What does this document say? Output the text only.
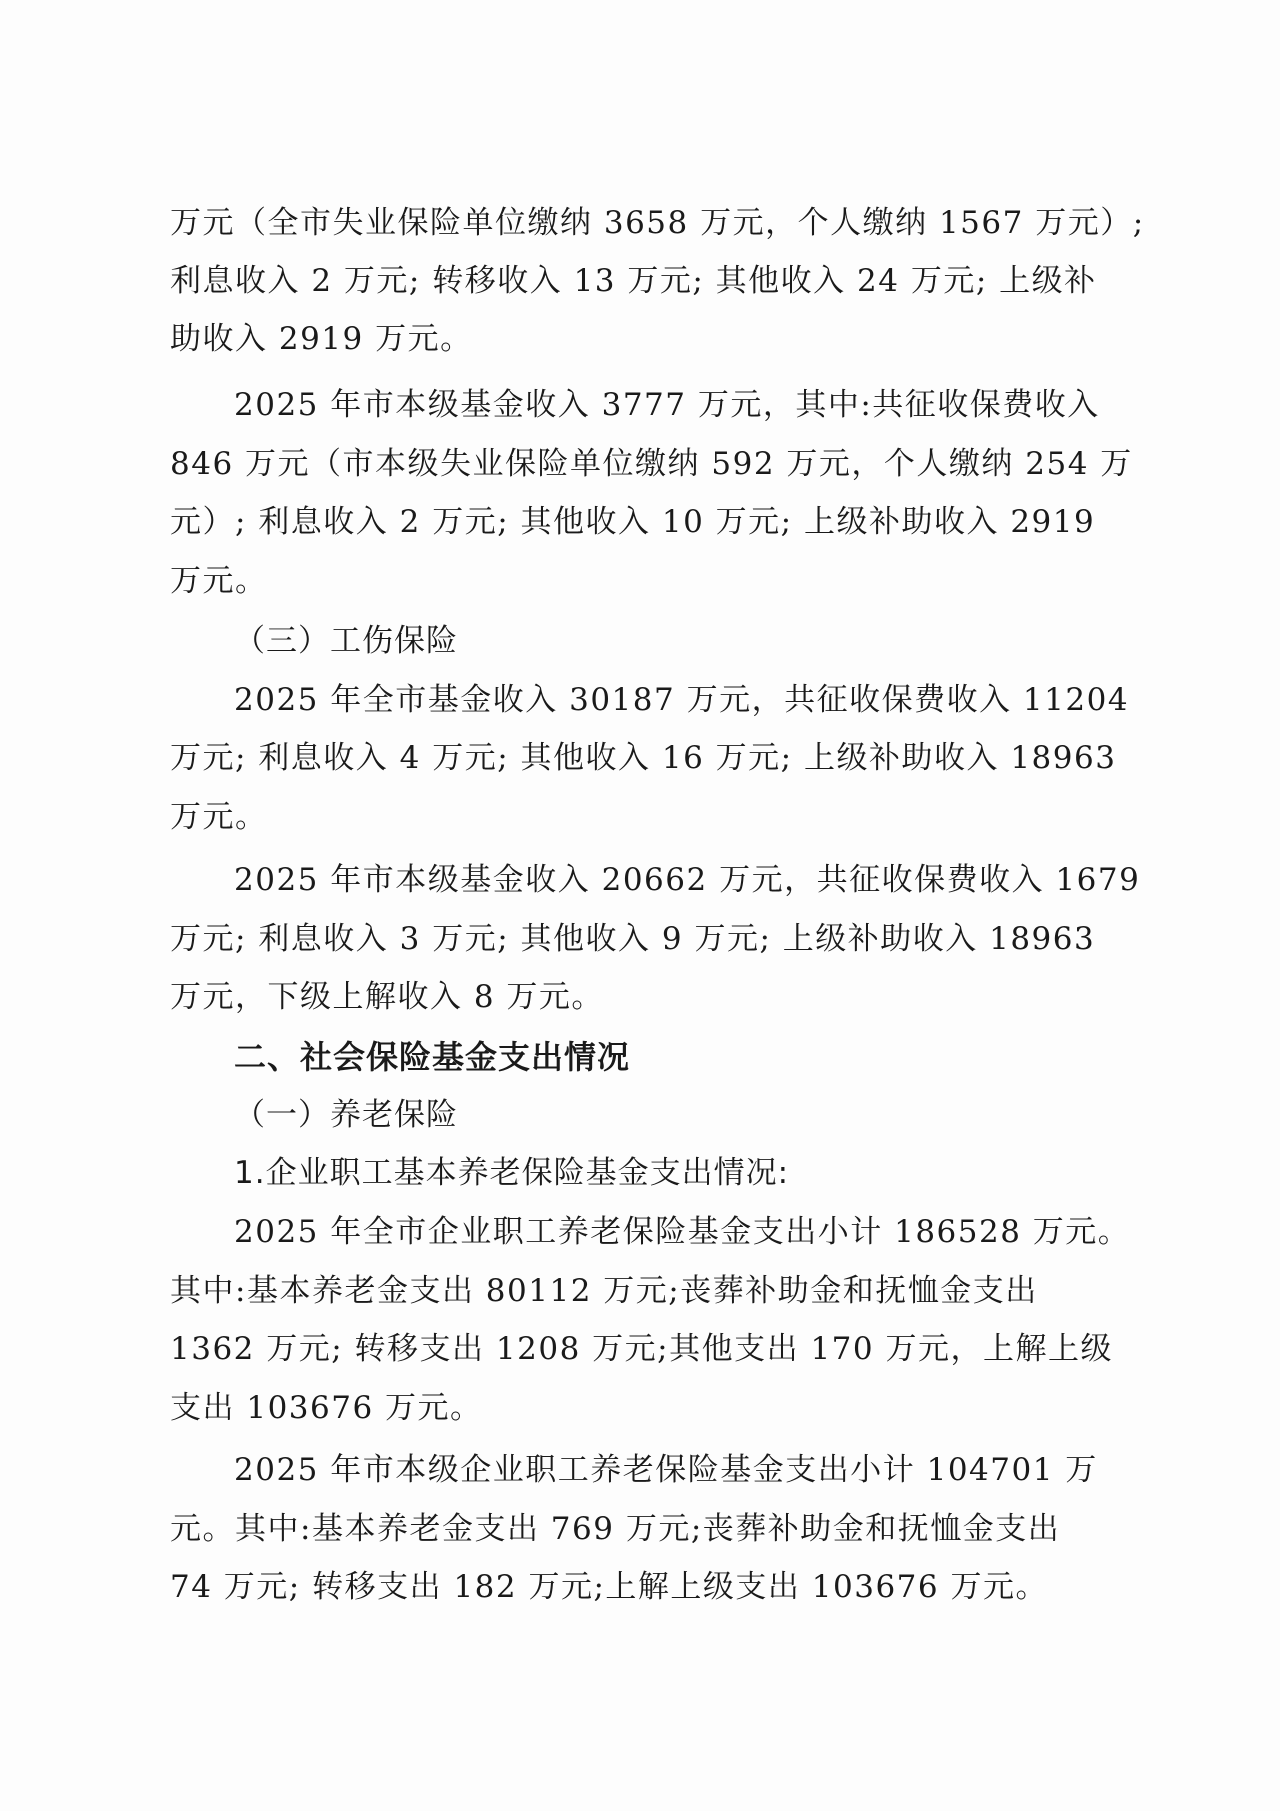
万元（全市失业保险单位缴纳 3658 万元，个人缴纳 1567 万元）;
利息收入 2 万元; 转移收入 13 万元; 其他收入 24 万元; 上级补
助收入 2919 万元。
2025 年市本级基金收入 3777 万元，其中:共征收保费收入
846 万元（市本级失业保险单位缴纳 592 万元，个人缴纳 254 万
元）; 利息收入 2 万元; 其他收入 10 万元; 上级补助收入 2919
万元。
（三）工伤保险
2025 年全市基金收入 30187 万元，共征收保费收入 11204
万元; 利息收入 4 万元; 其他收入 16 万元; 上级补助收入 18963
万元。
2025 年市本级基金收入 20662 万元，共征收保费收入 1679
万元; 利息收入 3 万元; 其他收入 9 万元; 上级补助收入 18963
万元，下级上解收入 8 万元。
二、社会保险基金支出情况
（一）养老保险
1.企业职工基本养老保险基金支出情况:
2025 年全市企业职工养老保险基金支出小计 186528 万元。
其中:基本养老金支出 80112 万元;丧葬补助金和抚恤金支出
1362 万元; 转移支出 1208 万元;其他支出 170 万元，上解上级
支出 103676 万元。
2025 年市本级企业职工养老保险基金支出小计 104701 万
元。其中:基本养老金支出 769 万元;丧葬补助金和抚恤金支出
74 万元; 转移支出 182 万元;上解上级支出 103676 万元。
